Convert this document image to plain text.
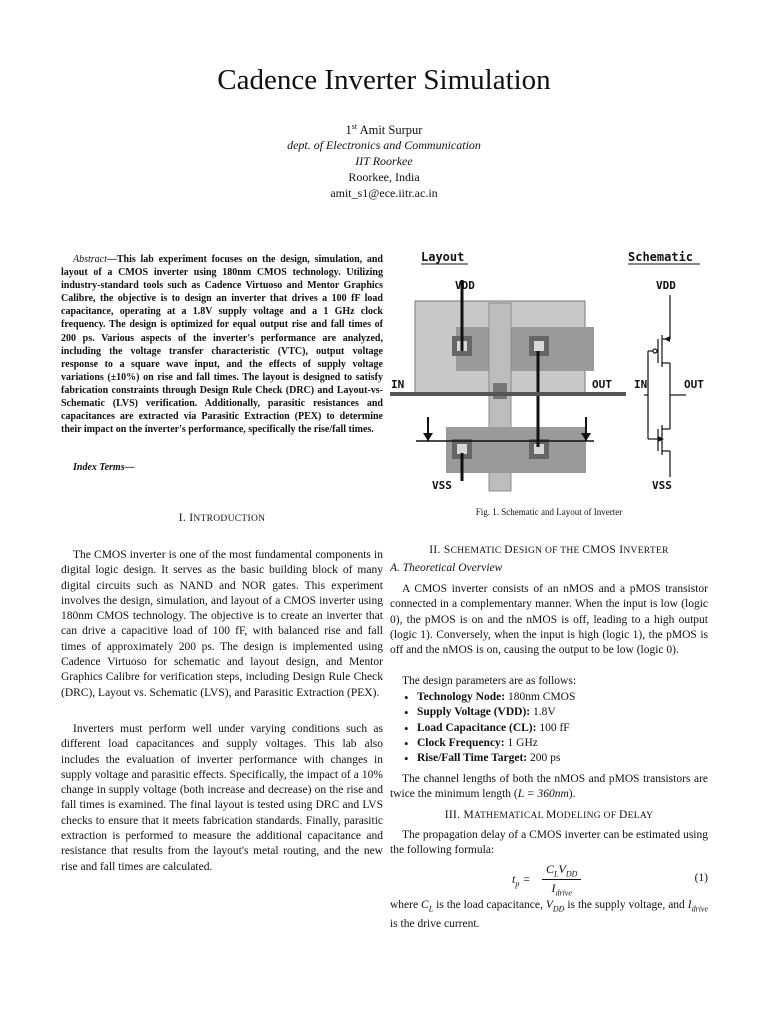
Cadence Inverter Simulation
1st Amit Surpur
dept. of Electronics and Communication
IIT Roorkee
Roorkee, India
amit_s1@ece.iitr.ac.in
Abstract—This lab experiment focuses on the design, simulation, and layout of a CMOS inverter using 180nm CMOS technology. Utilizing industry-standard tools such as Cadence Virtuoso and Mentor Graphics Calibre, the objective is to design an inverter that drives a 100 fF load capacitance, operating at a 1.8V supply voltage and a 1 GHz clock frequency. The design is optimized for equal output rise and fall times of 200 ps. Various aspects of the inverter's performance are analyzed, including the voltage transfer characteristic (VTC), output voltage response to a square wave input, and the effects of supply voltage variations (±10%) on rise and fall times. The layout is designed to satisfy fabrication constraints through Design Rule Check (DRC) and Layout-vs-Schematic (LVS) verification. Additionally, parasitic resistances and capacitances are extracted via Parasitic Extraction (PEX) to determine their impact on the inverter's performance, specifically the rise/fall times.
Index Terms—
Layout
VDD
VSS
IN	OUT
Schematic
VDD
VSS
IN	OUT
Fig. 1. Schematic and Layout of Inverter
I. INTRODUCTION
The CMOS inverter is one of the most fundamental components in digital logic design. It serves as the basic building block of many digital circuits such as NAND and NOR gates. This experiment involves the design, simulation, and layout of a CMOS inverter using 180nm CMOS technology. The objective is to create an inverter that can drive a capacitive load of 100 fF, with balanced rise and fall times of approximately 200 ps. The design is implemented using Cadence Virtuoso for schematic and layout design, and Mentor Graphics Calibre for verification steps, including Design Rule Check (DRC), Layout vs. Schematic (LVS), and Parasitic Extraction (PEX).
Inverters must perform well under varying conditions such as different load capacitances and supply voltages. This lab also includes the evaluation of inverter performance with changes in supply voltage and parasitic effects. Specifically, the impact of a 10% change in supply voltage (both increase and decrease) on the rise and fall times is examined. The final layout is tested using DRC and LVS checks to ensure that it meets fabrication standards. Finally, parasitic extraction is performed to measure the additional capacitance and resistance that results from the layout's metal routing, and the new rise and fall times are calculated.
II. SCHEMATIC DESIGN OF THE CMOS INVERTER
A. Theoretical Overview
A CMOS inverter consists of an nMOS and a pMOS transistor connected in a complementary manner. When the input is low (logic 0), the pMOS is on and the nMOS is off, leading to a high output (logic 1). Conversely, when the input is high (logic 1), the pMOS is off and the nMOS is on, causing the output to be low (logic 0).
The design parameters are as follows:
• Technology Node: 180nm CMOS
• Supply Voltage (VDD): 1.8V
• Load Capacitance (CL): 100 fF
• Clock Frequency: 1 GHz
• Rise/Fall Time Target: 200 ps
The channel lengths of both the nMOS and pMOS transistors are twice the minimum length (L = 360nm).
III. MATHEMATICAL MODELING OF DELAY
The propagation delay of a CMOS inverter can be estimated using the following formula:
$t_p$ =
$C_LV_{DD}$
$I_{drive}$
(1)
where $C_L$ is the load capacitance, $V_{DD}$ is the supply voltage, and $I_{drive}$ is the drive current.
